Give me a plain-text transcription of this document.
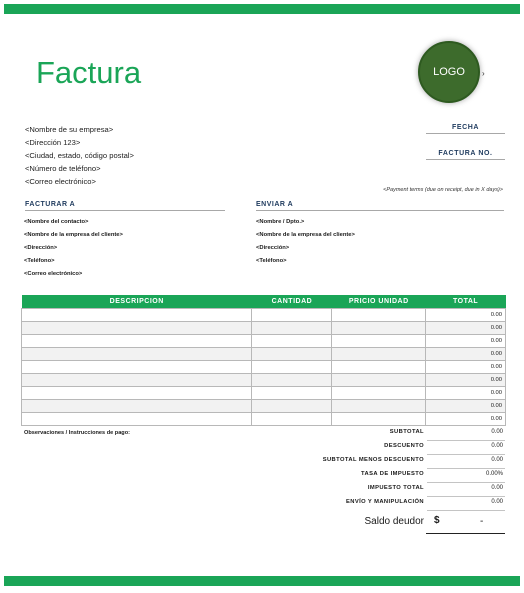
Factura	LOGO ›
<Nombre de su empresa>
<Dirección 123>
<Ciudad, estado, código postal>
<Número de teléfono>
<Correo electrónico>
FECHA
FACTURA NO.
<Payment terms (due on receipt, due in X days)>
FACTURAR A	ENVIAR A
<Nombre del contacto>
<Nombre de la empresa del cliente>
<Dirección>
<Teléfono>
<Correo electrónico>
<Nombre / Dpto.>
<Nombre de la empresa del cliente>
<Dirección>
<Teléfono>
DESCRIPCION	CANTIDAD	PRICIO UNIDAD	TOTAL
			0.00
			0.00
			0.00
			0.00
			0.00
			0.00
			0.00
			0.00
			0.00
Observaciones / Instrucciones de pago:	SUBTOTAL	0.00
DESCUENTO	0.00
SUBTOTAL MENOS DESCUENTO	0.00
TASA DE IMPUESTO	0.00%
IMPUESTO TOTAL	0.00
ENVÍO Y MANIPULACIÓN	0.00
Saldo deudor $	-
